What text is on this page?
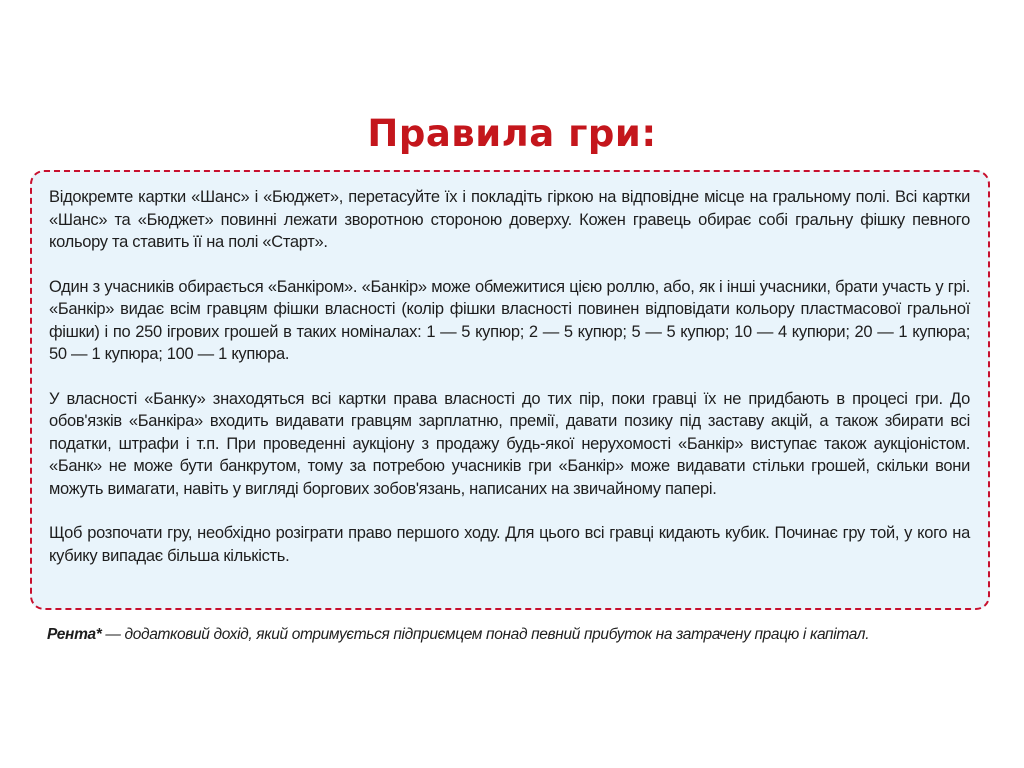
Правила гри:

Відокремте картки «Шанс» і «Бюджет», перетасуйте їх і покладіть гіркою на відповідне місце на гральному полі. Всі картки «Шанс» та «Бюджет» повинні лежати зворотною стороною доверху. Кожен гравець обирає собі гральну фішку певного кольору та ставить її на полі «Старт».

Один з учасників обирається «Банкіром». «Банкір» може обмежитися цією роллю, або, як і інші учасники, брати участь у грі. «Банкір» видає всім гравцям фішки власності (колір фішки власності повинен відповідати кольору пластмасової гральної фішки) і по 250 ігрових грошей в таких номіналах: 1 — 5 купюр; 2 — 5 купюр; 5 — 5 купюр; 10 — 4 купюри; 20 — 1 купюра; 50 — 1 купюра; 100 — 1 купюра.

У власності «Банку» знаходяться всі картки права власності до тих пір, поки гравці їх не придбають в процесі гри. До обов'язків «Банкіра» входить видавати гравцям зарплатню, премії, давати позику під заставу акцій, а також збирати всі податки, штрафи і т.п. При проведенні аукціону з продажу будь-якої нерухомості «Банкір» виступає також аукціоністом. «Банк» не може бути банкрутом, тому за потребою учасників гри «Банкір» може видавати стільки грошей, скільки вони можуть вимагати, навіть у вигляді боргових зобов'язань, написаних на звичайному папері.

Щоб розпочати гру, необхідно розіграти право першого ходу. Для цього всі гравці кидають кубик. Починає гру той, у кого на кубику випадає більша кількість.

Рента* — додатковий дохід, який отримується підприємцем понад певний прибуток на затрачену працю і капітал.
